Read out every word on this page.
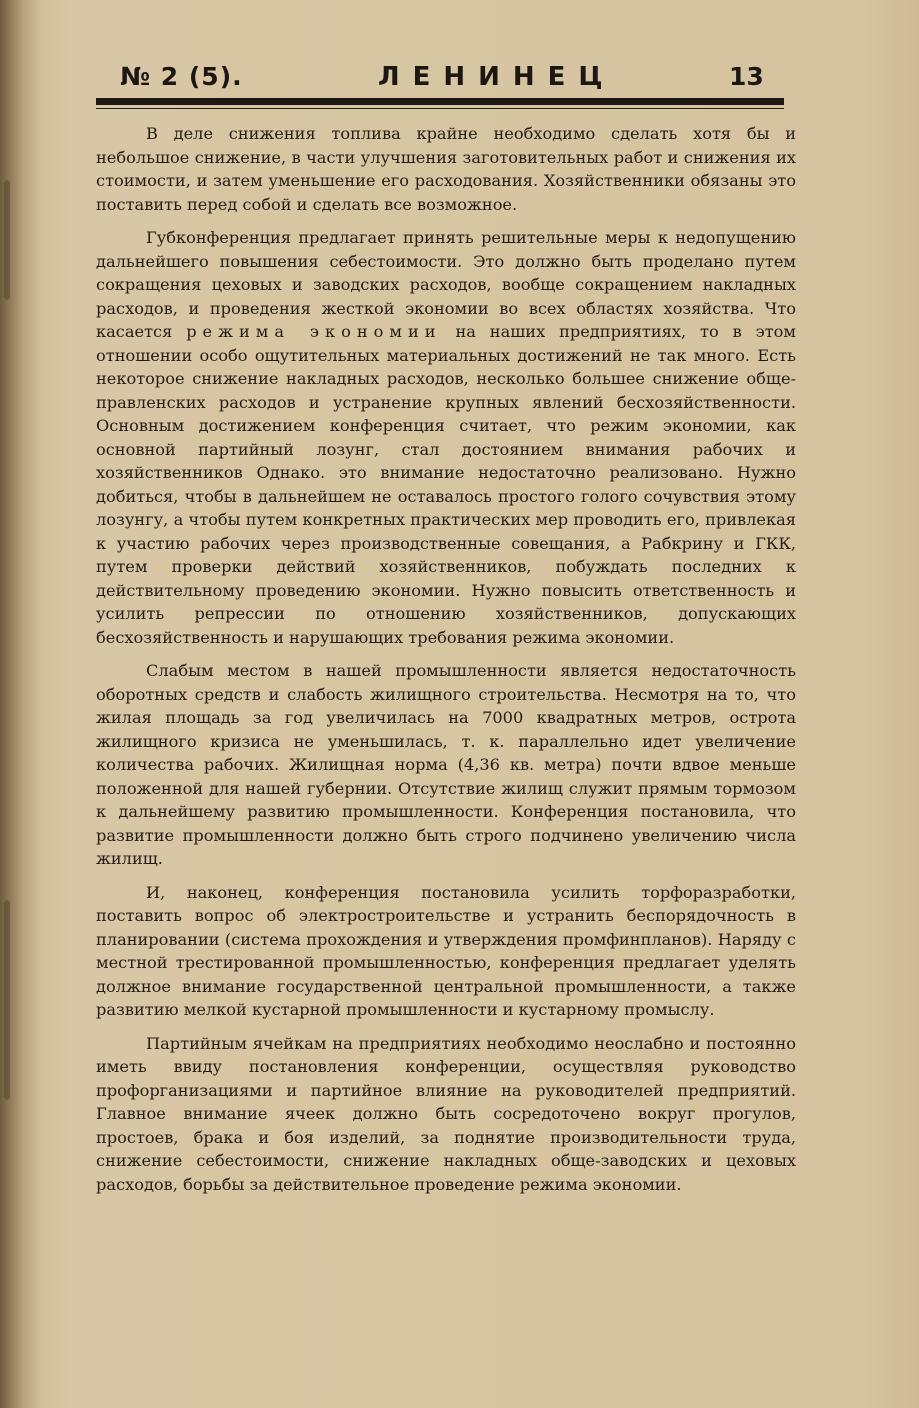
№ 2 (5).	ЛЕНИНЕЦ	13

В деле снижения топлива крайне необходимо сделать хотя бы и небольшое снижение, в части улучшения заготовительных работ и снижения их стоимости, и затем уменьшение его расходования. Хозяйственники обязаны это поставить перед собой и сделать все возможное.

Губконференция предлагает принять решительные меры к недопущению дальнейшего повышения себестоимости. Это должно быть проделано путем сокращения цеховых и заводских расходов, вообще сокращением накладных расходов, и проведения жесткой экономии во всех областях хозяйства. Что касается режима экономии на наших предприятиях, то в этом отношении особо ощутительных материальных достижений не так много. Есть некоторое снижение накладных расходов, несколько большее снижение обще-правленских расходов и устранение крупных явлений бесхозяйственности. Основным достижением конференция считает, что режим экономии, как основной партийный лозунг, стал достоянием внимания рабочих и хозяйственников Однако. это внимание недостаточно реализовано. Нужно добиться, чтобы в дальнейшем не оставалось простого голого сочувствия этому лозунгу, а чтобы путем конкретных практических мер проводить его, привлекая к участию рабочих через производственные совещания, а Рабкрину и ГКК, путем проверки действий хозяйственников, побуждать последних к действительному проведению экономии. Нужно повысить ответственность и усилить репрессии по отношению хозяйственников, допускающих бесхозяйственность и нарушающих требования режима экономии.

Слабым местом в нашей промышленности является недостаточность оборотных средств и слабость жилищного строительства. Несмотря на то, что жилая площадь за год увеличилась на 7000 квадратных метров, острота жилищного кризиса не уменьшилась, т. к. параллельно идет увеличение количества рабочих. Жилищная норма (4,36 кв. метра) почти вдвое меньше положенной для нашей губернии. Отсутствие жилищ служит прямым тормозом к дальнейшему развитию промышленности. Конференция постановила, что развитие промышленности должно быть строго подчинено увеличению числа жилищ.

И, наконец, конференция постановила усилить торфоразработки, поставить вопрос об электростроительстве и устранить беспорядочность в планировании (система прохождения и утверждения промфинпланов). Наряду с местной трестированной промышленностью, конференция предлагает уделять должное внимание государственной центральной промышленности, а также развитию мелкой кустарной промышленности и кустарному промыслу.

Партийным ячейкам на предприятиях необходимо неослабно и постоянно иметь ввиду постановления конференции, осуществляя руководство профорганизациями и партийное влияние на руководителей предприятий. Главное внимание ячеек должно быть сосредоточено вокруг прогулов, простоев, брака и боя изделий, за поднятие производительности труда, снижение себестоимости, снижение накладных обще-заводских и цеховых расходов, борьбы за действительное проведение режима экономии.
